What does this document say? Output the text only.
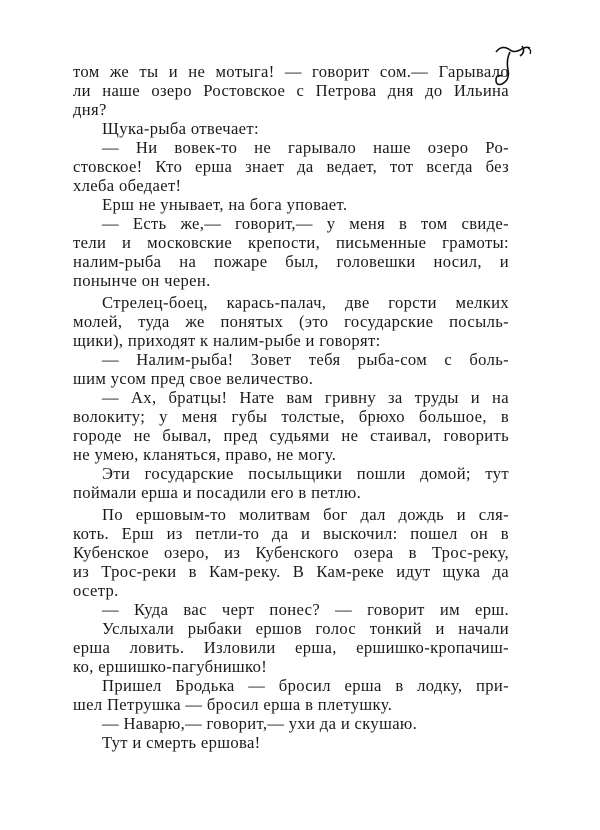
том же ты и не мотыга! — говорит сом.— Гарывало
ли наше озеро Ростовское с Петрова дня до Ильина
дня?
Щука-рыба отвечает:
— Ни вовек-то не гарывало наше озеро Ро-
стовское! Кто ерша знает да ведает, тот всегда без
хлеба обедает!
Ерш не унывает, на бога уповает.
— Есть же,— говорит,— у меня в том свиде-
тели и московские крепости, письменные грамоты:
налим-рыба на пожаре был, головешки носил, и
понынче он черен.
Стрелец-боец, карась-палач, две горсти мелких
молей, туда же понятых (это государские посыль-
щики), приходят к налим-рыбе и говорят:
— Налим-рыба! Зовет тебя рыба-сом с боль-
шим усом пред свое величество.
— Ах, братцы! Нате вам гривну за труды и на
волокиту; у меня губы толстые, брюхо большое, в
городе не бывал, пред судьями не стаивал, говорить
не умею, кланяться, право, не могу.
Эти государские посыльщики пошли домой; тут
поймали ерша и посадили его в петлю.
По ершовым-то молитвам бог дал дождь и сля-
коть. Ерш из петли-то да и выскочил: пошел он в
Кубенское озеро, из Кубенского озера в Трос-реку,
из Трос-реки в Кам-реку. В Кам-реке идут щука да
осетр.
— Куда вас черт понес? — говорит им ерш.
Услыхали рыбаки ершов голос тонкий и начали
ерша ловить. Изловили ерша, ершишко-кропачиш-
ко, ершишко-пагубнишко!
Пришел Бродька — бросил ерша в лодку, при-
шел Петрушка — бросил ерша в плетушку.
— Наварю,— говорит,— ухи да и скушаю.
Тут и смерть ершова!
